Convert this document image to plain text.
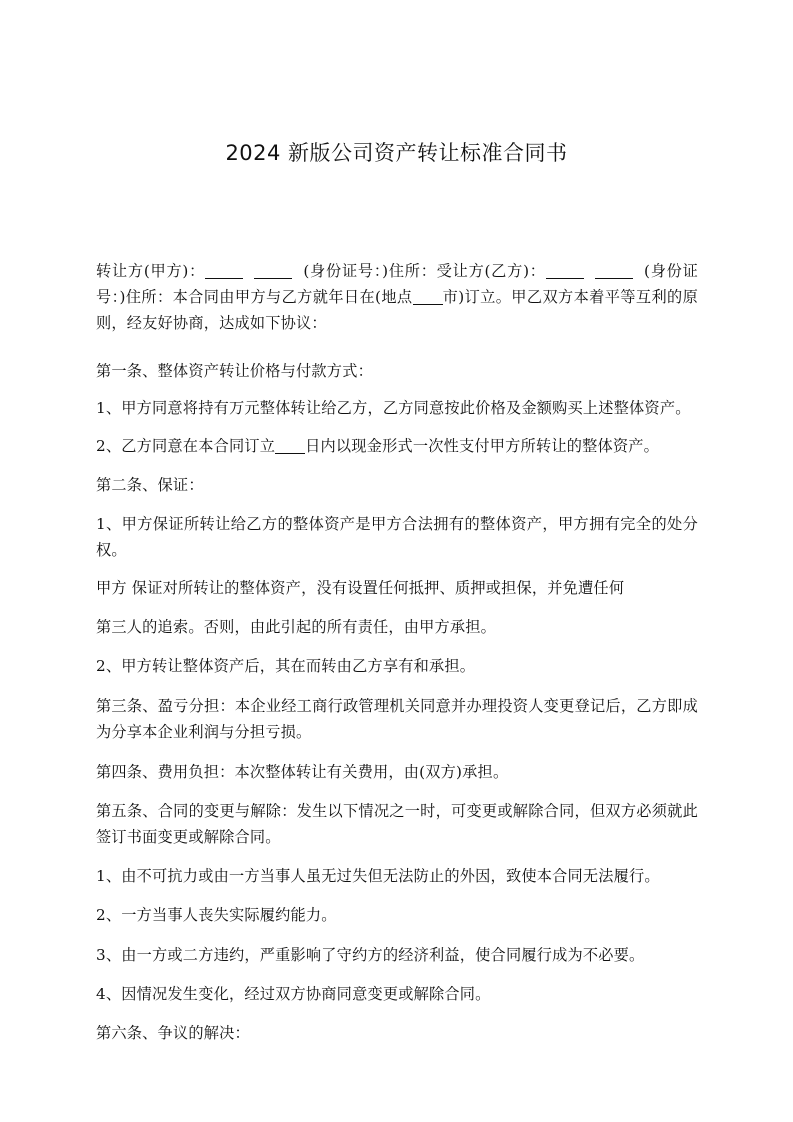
2024 新版公司资产转让标准合同书

转让方(甲方)：	(身份证号：)住所：受让方(乙方)：	(身份证号：)住所：本合同由甲方与乙方就年日在(地点 市)订立。甲乙双方本着平等互利的原则，经友好协商，达成如下协议：

第一条、整体资产转让价格与付款方式：

1、甲方同意将持有万元整体转让给乙方，乙方同意按此价格及金额购买上述整体资产。

2、乙方同意在本合同订立 日内以现金形式一次性支付甲方所转让的整体资产。

第二条、保证：

1、甲方保证所转让给乙方的整体资产是甲方合法拥有的整体资产，甲方拥有完全的处分权。

甲方 保证对所转让的整体资产，没有设置任何抵押、质押或担保，并免遭任何

第三人的追索。否则，由此引起的所有责任，由甲方承担。

2、甲方转让整体资产后，其在而转由乙方享有和承担。

第三条、盈亏分担：本企业经工商行政管理机关同意并办理投资人变更登记后，乙方即成为分享本企业利润与分担亏损。

第四条、费用负担：本次整体转让有关费用，由(双方)承担。

第五条、合同的变更与解除：发生以下情况之一时，可变更或解除合同，但双方必须就此签订书面变更或解除合同。

1、由不可抗力或由一方当事人虽无过失但无法防止的外因，致使本合同无法履行。

2、一方当事人丧失实际履约能力。

3、由一方或二方违约，严重影响了守约方的经济利益，使合同履行成为不必要。

4、因情况发生变化，经过双方协商同意变更或解除合同。

第六条、争议的解决：
